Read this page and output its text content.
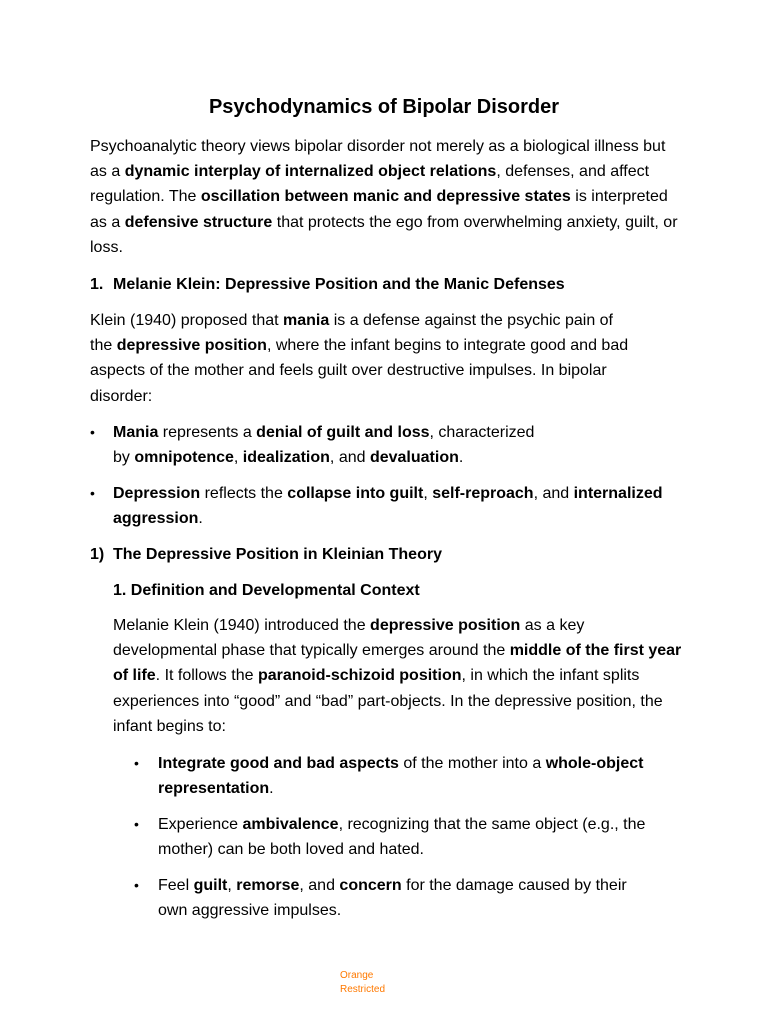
Psychodynamics of Bipolar Disorder
Psychoanalytic theory views bipolar disorder not merely as a biological illness but as a dynamic interplay of internalized object relations, defenses, and affect regulation. The oscillation between manic and depressive states is interpreted as a defensive structure that protects the ego from overwhelming anxiety, guilt, or loss.
1. Melanie Klein: Depressive Position and the Manic Defenses
Klein (1940) proposed that mania is a defense against the psychic pain of
the depressive position, where the infant begins to integrate good and bad aspects of the mother and feels guilt over destructive impulses. In bipolar disorder:
• Mania represents a denial of guilt and loss, characterized
by omnipotence, idealization, and devaluation.
• Depression reflects the collapse into guilt, self-reproach, and internalized aggression.
1) The Depressive Position in Kleinian Theory
1. Definition and Developmental Context
Melanie Klein (1940) introduced the depressive position as a key developmental phase that typically emerges around the middle of the first year of life. It follows the paranoid-schizoid position, in which the infant splits experiences into “good” and “bad” part-objects. In the depressive position, the infant begins to:
• Integrate good and bad aspects of the mother into a whole-object representation.
• Experience ambivalence, recognizing that the same object (e.g., the mother) can be both loved and hated.
• Feel guilt, remorse, and concern for the damage caused by their own aggressive impulses.
Orange
Restricted
